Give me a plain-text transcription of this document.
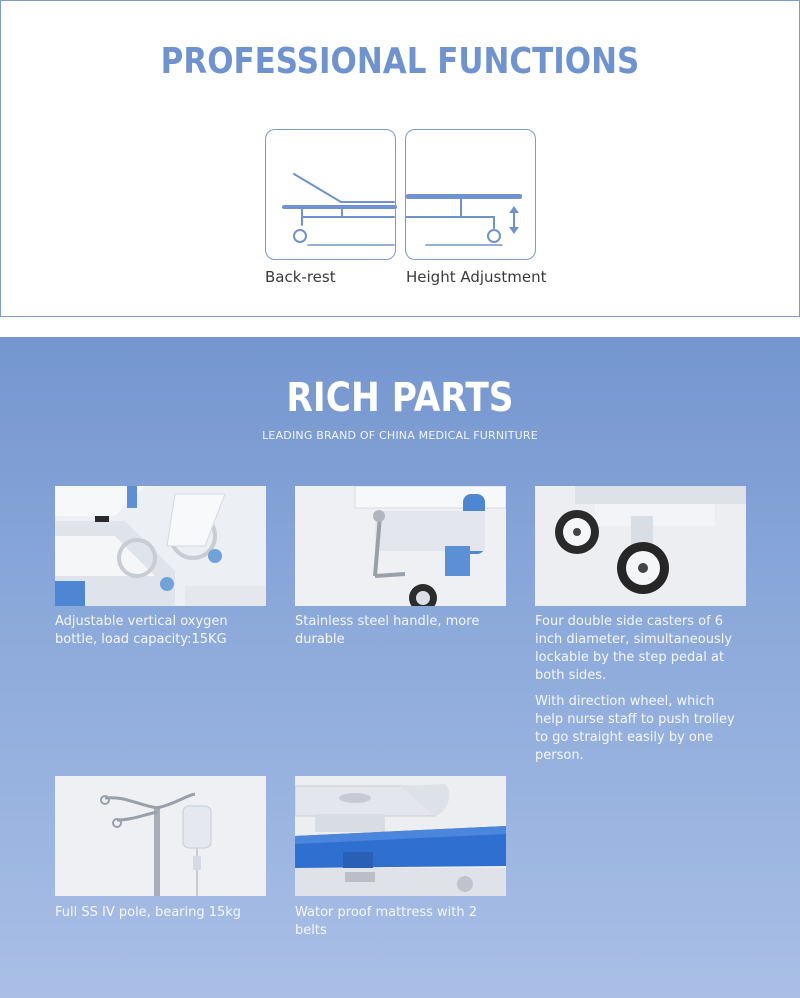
PROFESSIONAL FUNCTIONS
Back-rest	Height Adjustment
RICH PARTS
LEADING BRAND OF CHINA MEDICAL FURNITURE

Adjustable vertical oxygen bottle, load capacity:15KG

Stainless steel handle, more durable

Four double side casters of 6 inch diameter, simultaneously lockable by the step pedal at both sides.

With direction wheel, which help nurse staff to push trolley to go straight easily by one person.

Full SS IV pole, bearing 15kg	Wator proof mattress with 2 belts
